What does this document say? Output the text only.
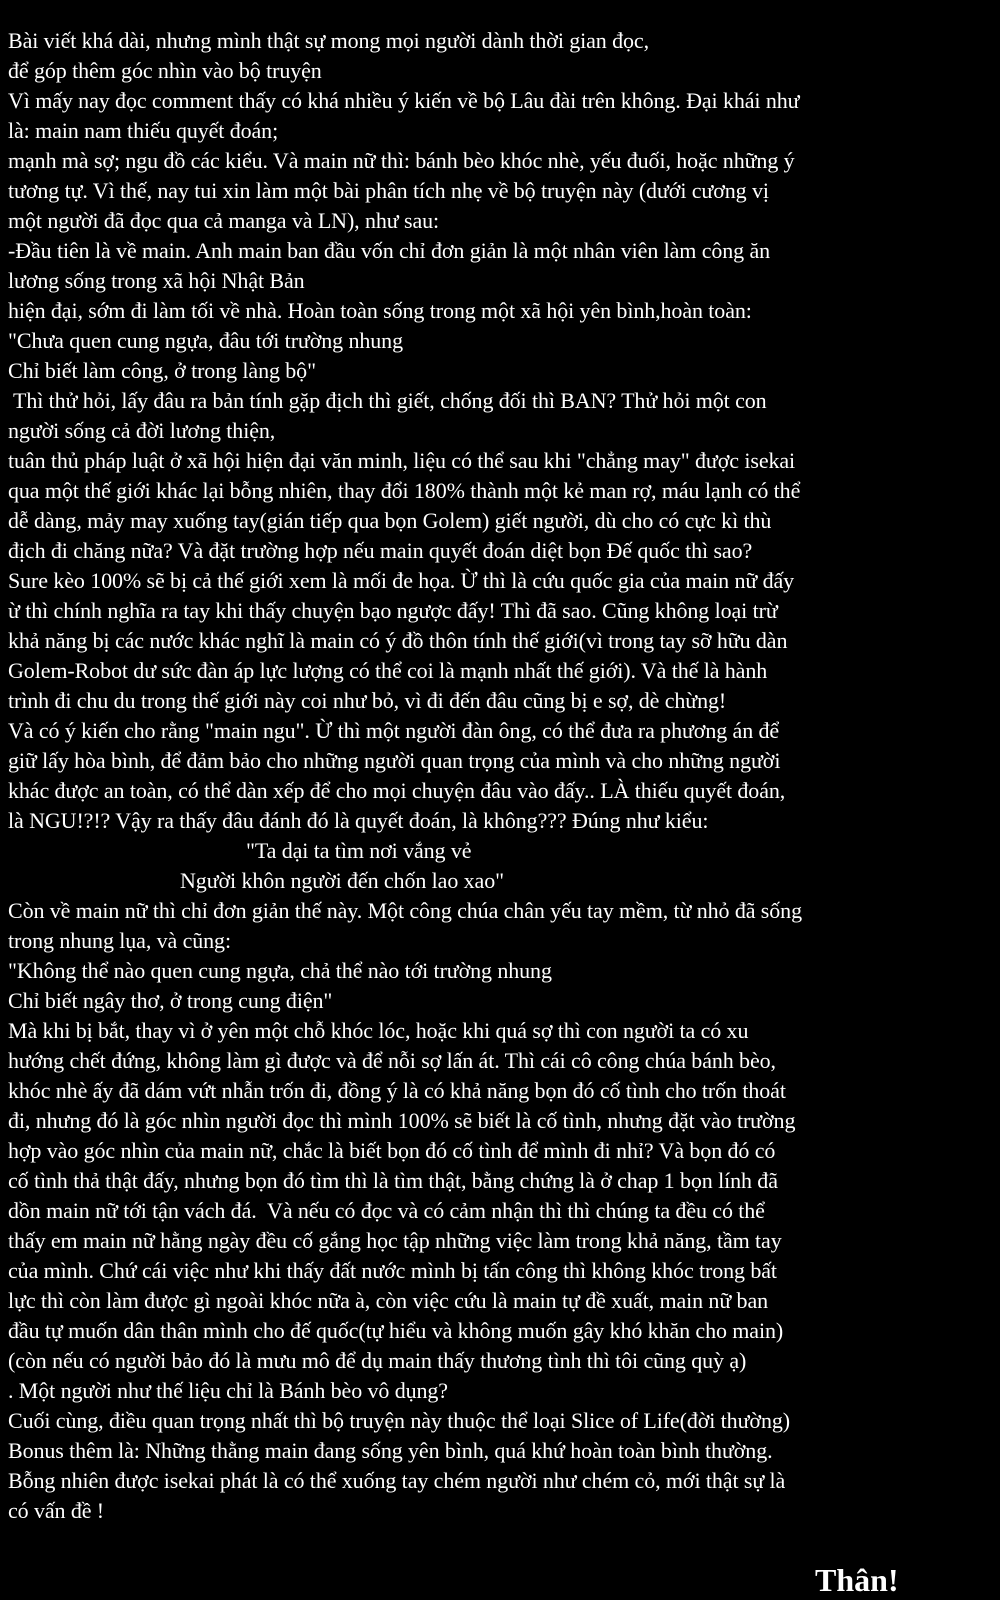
Bài viết khá dài, nhưng mình thật sự mong mọi người dành thời gian đọc,
để góp thêm góc nhìn vào bộ truyện
Vì mấy nay đọc comment thấy có khá nhiều ý kiến về bộ Lâu đài trên không. Đại khái như
là: main nam thiếu quyết đoán;
mạnh mà sợ; ngu đồ các kiểu. Và main nữ thì: bánh bèo khóc nhè, yếu đuối, hoặc những ý
tương tự. Vì thế, nay tui xin làm một bài phân tích nhẹ về bộ truyện này (dưới cương vị
một người đã đọc qua cả manga và LN), như sau:
-Đầu tiên là về main. Anh main ban đầu vốn chỉ đơn giản là một nhân viên làm công ăn
lương sống trong xã hội Nhật Bản
hiện đại, sớm đi làm tối về nhà. Hoàn toàn sống trong một xã hội yên bình,hoàn toàn:
"Chưa quen cung ngựa, đâu tới trường nhung
Chỉ biết làm công, ở trong làng bộ"
Thì thử hỏi, lấy đâu ra bản tính gặp địch thì giết, chống đối thì BAN? Thử hỏi một con
người sống cả đời lương thiện,
tuân thủ pháp luật ở xã hội hiện đại văn minh, liệu có thể sau khi "chẳng may" được isekai
qua một thế giới khác lại bỗng nhiên, thay đổi 180% thành một kẻ man rợ, máu lạnh có thể
dễ dàng, mảy may xuống tay(gián tiếp qua bọn Golem) giết người, dù cho có cực kì thù
địch đi chăng nữa? Và đặt trường hợp nếu main quyết đoán diệt bọn Đế quốc thì sao?
Sure kèo 100% sẽ bị cả thế giới xem là mối đe họa. Ừ thì là cứu quốc gia của main nữ đấy
ừ thì chính nghĩa ra tay khi thấy chuyện bạo ngược đấy! Thì đã sao. Cũng không loại trừ
khả năng bị các nước khác nghĩ là main có ý đồ thôn tính thế giới(vì trong tay sỡ hữu dàn
Golem-Robot dư sức đàn áp lực lượng có thể coi là mạnh nhất thế giới). Và thế là hành
trình đi chu du trong thế giới này coi như bỏ, vì đi đến đâu cũng bị e sợ, dè chừng!
Và có ý kiến cho rằng "main ngu". Ừ thì một người đàn ông, có thể đưa ra phương án để
giữ lấy hòa bình, để đảm bảo cho những người quan trọng của mình và cho những người
khác được an toàn, có thể dàn xếp để cho mọi chuyện đâu vào đấy.. LÀ thiếu quyết đoán,
là NGU!?!? Vậy ra thấy đâu đánh đó là quyết đoán, là không??? Đúng như kiểu:
"Ta dại ta tìm nơi vắng vẻ
Người khôn người đến chốn lao xao"
Còn về main nữ thì chỉ đơn giản thế này. Một công chúa chân yếu tay mềm, từ nhỏ đã sống
trong nhung lụa, và cũng:
"Không thể nào quen cung ngựa, chả thể nào tới trường nhung
Chỉ biết ngây thơ, ở trong cung điện"
Mà khi bị bắt, thay vì ở yên một chỗ khóc lóc, hoặc khi quá sợ thì con người ta có xu
hướng chết đứng, không làm gì được và để nỗi sợ lấn át. Thì cái cô công chúa bánh bèo,
khóc nhè ấy đã dám vứt nhẫn trốn đi, đồng ý là có khả năng bọn đó cố tình cho trốn thoát
đi, nhưng đó là góc nhìn người đọc thì mình 100% sẽ biết là cố tình, nhưng đặt vào trường
hợp vào góc nhìn của main nữ, chắc là biết bọn đó cố tình để mình đi nhỉ? Và bọn đó có
cố tình thả thật đấy, nhưng bọn đó tìm thì là tìm thật, bằng chứng là ở chap 1 bọn lính đã
dồn main nữ tới tận vách đá.  Và nếu có đọc và có cảm nhận thì thì chúng ta đều có thể
thấy em main nữ hằng ngày đều cố gắng học tập những việc làm trong khả năng, tầm tay
của mình. Chứ cái việc như khi thấy đất nước mình bị tấn công thì không khóc trong bất
lực thì còn làm được gì ngoài khóc nữa à, còn việc cứu là main tự đề xuất, main nữ ban
đầu tự muốn dân thân mình cho đế quốc(tự hiểu và không muốn gây khó khăn cho main)
(còn nếu có người bảo đó là mưu mô để dụ main thấy thương tình thì tôi cũng quỳ ạ)
. Một người như thế liệu chỉ là Bánh bèo vô dụng?
Cuối cùng, điều quan trọng nhất thì bộ truyện này thuộc thể loại Slice of Life(đời thường)
Bonus thêm là: Những thằng main đang sống yên bình, quá khứ hoàn toàn bình thường.
Bỗng nhiên được isekai phát là có thể xuống tay chém người như chém cỏ, mới thật sự là
có vấn đề !
Thân!
